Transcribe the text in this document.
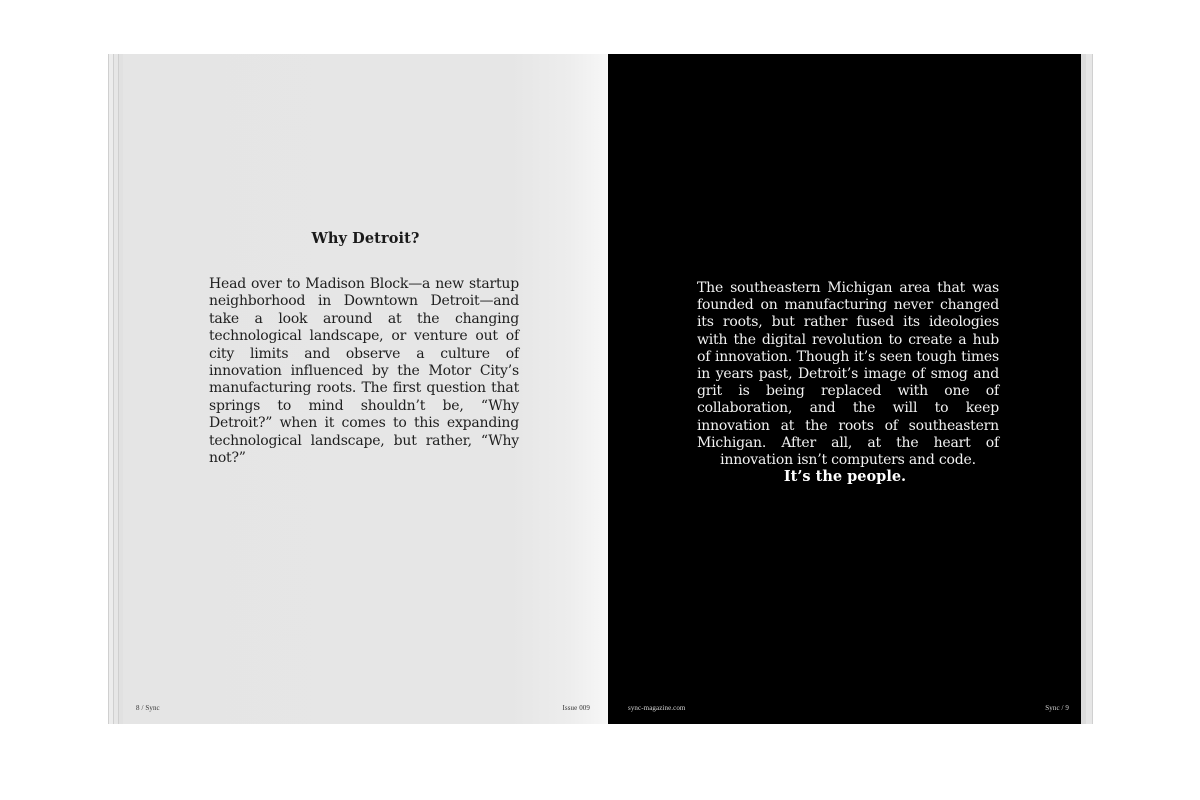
Why Detroit?
Head over to Madison Block—a new startup neighborhood in Downtown Detroit—and take a look around at the changing technological landscape, or venture out of city limits and observe a culture of innovation influenced by the Motor City’s manufacturing roots. The first question that springs to mind shouldn’t be, “Why Detroit?” when it comes to this expanding technological landscape, but rather, “Why not?”
8 / Sync	Issue 009
The southeastern Michigan area that was founded on manufacturing never changed its roots, but rather fused its ideologies with the digital revolution to create a hub of innovation. Though it’s seen tough times in years past, Detroit’s image of smog and grit is being replaced with one of collaboration, and the will to keep innovation at the roots of southeastern Michigan. After all, at the heart of innovation isn’t computers and code.
It’s the people.
sync-magazine.com	Sync / 9
